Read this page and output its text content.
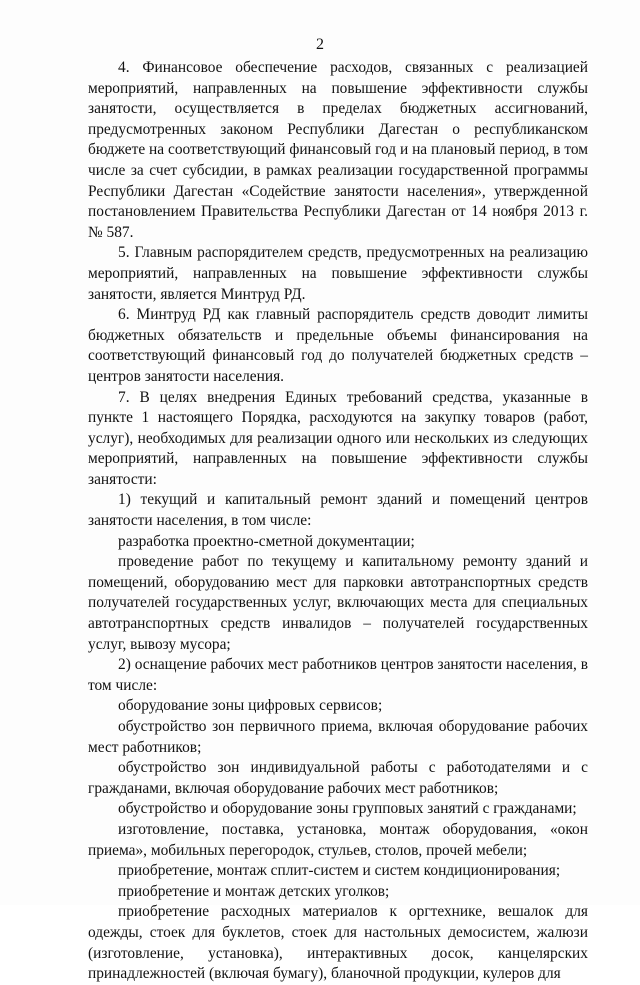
2

4. Финансовое обеспечение расходов, связанных с реализацией мероприятий, направленных на повышение эффективности службы занятости, осуществляется в пределах бюджетных ассигнований, предусмотренных законом Республики Дагестан о республиканском бюджете на соответствующий финансовый год и на плановый период, в том числе за счет субсидии, в рамках реализации государственной программы Республики Дагестан «Содействие занятости населения», утвержденной постановлением Правительства Республики Дагестан от 14 ноября 2013 г. № 587.

5. Главным распорядителем средств, предусмотренных на реализацию мероприятий, направленных на повышение эффективности службы занятости, является Минтруд РД.

6. Минтруд РД как главный распорядитель средств доводит лимиты бюджетных обязательств и предельные объемы финансирования на соответствующий финансовый год до получателей бюджетных средств – центров занятости населения.

7. В целях внедрения Единых требований средства, указанные в пункте 1 настоящего Порядка, расходуются на закупку товаров (работ, услуг), необходимых для реализации одного или нескольких из следующих мероприятий, направленных на повышение эффективности службы занятости:

1) текущий и капитальный ремонт зданий и помещений центров занятости населения, в том числе:

разработка проектно-сметной документации;

проведение работ по текущему и капитальному ремонту зданий и помещений, оборудованию мест для парковки автотранспортных средств получателей государственных услуг, включающих места для специальных автотранспортных средств инвалидов – получателей государственных услуг, вывозу мусора;

2) оснащение рабочих мест работников центров занятости населения, в том числе:

оборудование зоны цифровых сервисов;

обустройство зон первичного приема, включая оборудование рабочих мест работников;

обустройство зон индивидуальной работы с работодателями и с гражданами, включая оборудование рабочих мест работников;

обустройство и оборудование зоны групповых занятий с гражданами;

изготовление, поставка, установка, монтаж оборудования, «окон приема», мобильных перегородок, стульев, столов, прочей мебели;

приобретение, монтаж сплит-систем и систем кондиционирования;

приобретение и монтаж детских уголков;

приобретение расходных материалов к оргтехнике, вешалок для одежды, стоек для буклетов, стоек для настольных демосистем, жалюзи (изготовление, установка), интерактивных досок, канцелярских принадлежностей (включая бумагу), бланочной продукции, кулеров для
